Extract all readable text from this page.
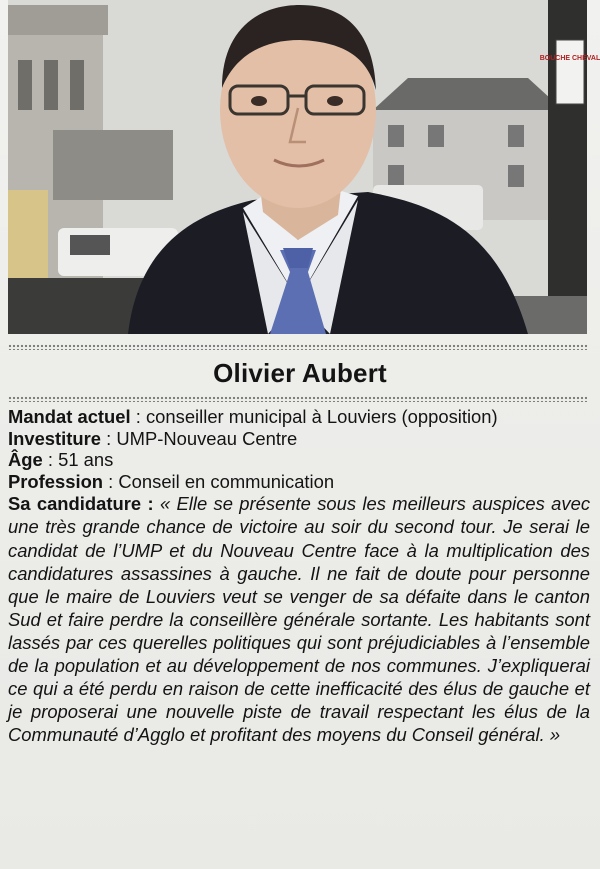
BOUCHE CHEVAL
Olivier Aubert
Mandat actuel : conseiller municipal à Louviers (opposition)
Investiture : UMP-Nouveau Centre
Âge : 51 ans
Profession : Conseil en communication

Sa candidature : « Elle se présente sous les meilleurs auspices avec une très grande chance de victoire au soir du second tour. Je serai le candidat de l’UMP et du Nouveau Centre face à la multiplication des candidatures assassines à gauche. Il ne fait de doute pour personne que le maire de Louviers veut se venger de sa défaite dans le canton Sud et faire perdre la conseillère générale sortante. Les habitants sont lassés par ces querelles politiques qui sont préjudiciables à l’ensemble de la population et au développement de nos communes. J’expliquerai ce qui a été perdu en raison de cette inefficacité des élus de gauche et je proposerai une nouvelle piste de travail respectant les élus de la Communauté d’Agglo et profitant des moyens du Conseil général. »
